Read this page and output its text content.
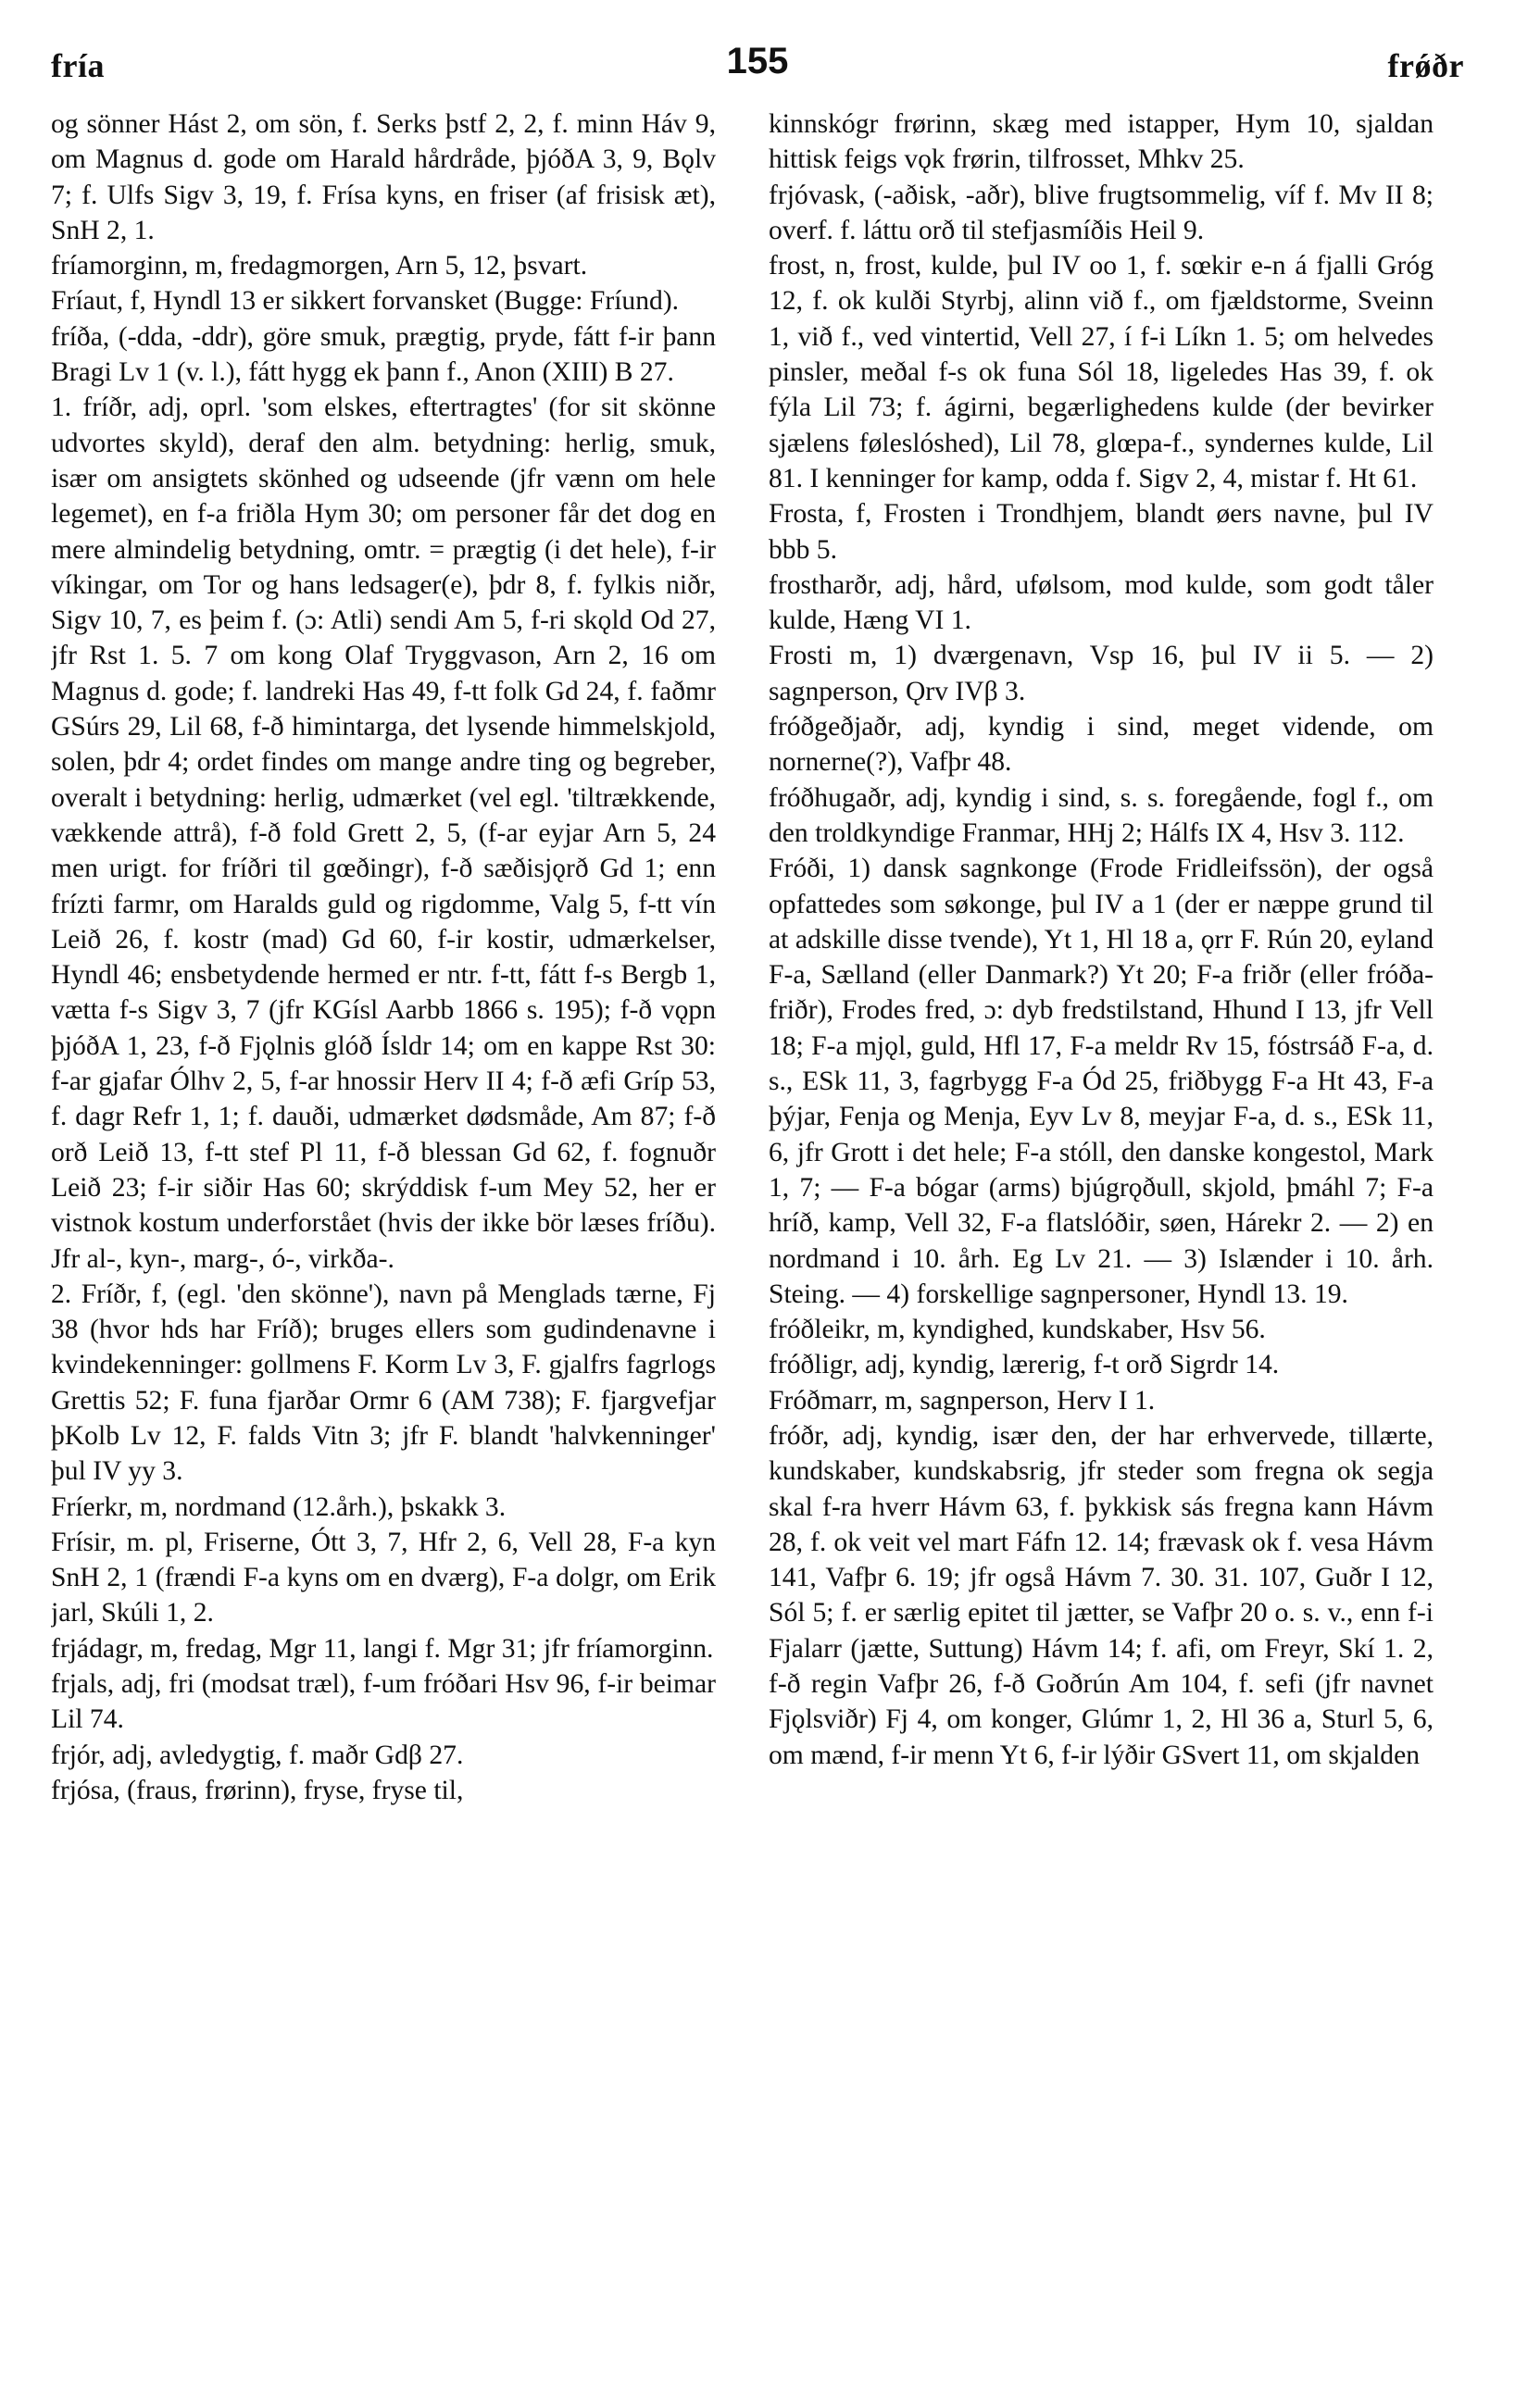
fría	155	frǿðr

og sönner Hást 2, om sön, f. Serks þstf 2, 2, f. minn Háv 9, om Magnus d. gode om Harald hårdråde, þjóðA 3, 9, Bǫlv 7; f. Ulfs Sigv 3, 19, f. Frísa kyns, en friser (af frisisk æt), SnH 2, 1.

fríamorginn, m, fredagmorgen, Arn 5, 12, þsvart.

Fríaut, f, Hyndl 13 er sikkert forvansket (Bugge: Fríund).

fríða, (-dda, -ddr), göre smuk, prægtig, pryde, fátt f-ir þann Bragi Lv 1 (v. l.), fátt hygg ek þann f., Anon (XIII) B 27.

1. fríðr, adj, oprl. 'som elskes, eftertragtes' (for sit skönne udvortes skyld), deraf den alm. betydning: herlig, smuk, især om ansigtets skönhed og udseende (jfr vænn om hele legemet), en f-a friðla Hym 30; om personer får det dog en mere almindelig betydning, omtr. = prægtig (i det hele), f-ir víkingar, om Tor og hans ledsager(e), þdr 8, f. fylkis niðr, Sigv 10, 7, es þeim f. (ɔ: Atli) sendi Am 5, f-ri skǫld Od 27, jfr Rst 1. 5. 7 om kong Olaf Tryggvason, Arn 2, 16 om Magnus d. gode; f. landreki Has 49, f-tt folk Gd 24, f. faðmr GSúrs 29, Lil 68, f-ð himintarga, det lysende himmelskjold, solen, þdr 4; ordet findes om mange andre ting og begreber, overalt i betydning: herlig, udmærket (vel egl. 'tiltrækkende, vækkende attrå), f-ð fold Grett 2, 5, (f-ar eyjar Arn 5, 24 men urigt. for fríðri til gœðingr), f-ð sæðisjǫrð Gd 1; enn frízti farmr, om Haralds guld og rigdomme, Valg 5, f-tt vín Leið 26, f. kostr (mad) Gd 60, f-ir kostir, udmærkelser, Hyndl 46; ensbetydende hermed er ntr. f-tt, fátt f-s Bergb 1, vætta f-s Sigv 3, 7 (jfr KGísl Aarbb 1866 s. 195); f-ð vǫpn þjóðA 1, 23, f-ð Fjǫlnis glóð Ísldr 14; om en kappe Rst 30: f-ar gjafar Ólhv 2, 5, f-ar hnossir Herv II 4; f-ð æfi Gríp 53, f. dagr Refr 1, 1; f. dauði, udmærket dødsmåde, Am 87; f-ð orð Leið 13, f-tt stef Pl 11, f-ð blessan Gd 62, f. fognuðr Leið 23; f-ir siðir Has 60; skrýddisk f-um Mey 52, her er vistnok kostum underforstået (hvis der ikke bör læses fríðu). Jfr al-, kyn-, marg-, ó-, virkða-.

2. Fríðr, f, (egl. 'den skönne'), navn på Menglads tærne, Fj 38 (hvor hds har Fríð); bruges ellers som gudindenavne i kvindekenninger: gollmens F. Korm Lv 3, F. gjalfrs fagrlogs Grettis 52; F. funa fjarðar Ormr 6 (AM 738); F. fjargvefjar þKolb Lv 12, F. falds Vitn 3; jfr F. blandt 'halvkenninger' þul IV yy 3.

Fríerkr, m, nordmand (12.årh.), þskakk 3.

Frísir, m. pl, Friserne, Ótt 3, 7, Hfr 2, 6, Vell 28, F-a kyn SnH 2, 1 (frændi F-a kyns om en dværg), F-a dolgr, om Erik jarl, Skúli 1, 2.

frjádagr, m, fredag, Mgr 11, langi f. Mgr 31; jfr fríamorginn.

frjals, adj, fri (modsat træl), f-um fróðari Hsv 96, f-ir beimar Lil 74.

frjór, adj, avledygtig, f. maðr Gdβ 27.

frjósa, (fraus, frørinn), fryse, fryse til,

kinnskógr frørinn, skæg med istapper, Hym 10, sjaldan hittisk feigs vǫk frørin, tilfrosset, Mhkv 25.

frjóvask, (-aðisk, -aðr), blive frugtsommelig, víf f. Mv II 8; overf. f. láttu orð til stefjasmíðis Heil 9.

frost, n, frost, kulde, þul IV oo 1, f. sœkir e-n á fjalli Gróg 12, f. ok kulði Styrbj, alinn við f., om fjældstorme, Sveinn 1, við f., ved vintertid, Vell 27, í f-i Líkn 1. 5; om helvedes pinsler, meðal f-s ok funa Sól 18, ligeledes Has 39, f. ok fýla Lil 73; f. ágirni, begærlighedens kulde (der bevirker sjælens føleslóshed), Lil 78, glœpa-f., syndernes kulde, Lil 81. I kenninger for kamp, odda f. Sigv 2, 4, mistar f. Ht 61.

Frosta, f, Frosten i Trondhjem, blandt øers navne, þul IV bbb 5.

frostharðr, adj, hård, ufølsom, mod kulde, som godt tåler kulde, Hæng VI 1.

Frosti m, 1) dværgenavn, Vsp 16, þul IV ii 5. — 2) sagnperson, Ǫrv IVβ 3.

fróðgeðjaðr, adj, kyndig i sind, meget vidende, om nornerne(?), Vafþr 48.

fróðhugaðr, adj, kyndig i sind, s. s. foregående, fogl f., om den troldkyndige Franmar, HHj 2; Hálfs IX 4, Hsv 3. 112.

Fróði, 1) dansk sagnkonge (Frode Fridleifssön), der også opfattedes som søkonge, þul IV a 1 (der er næppe grund til at adskille disse tvende), Yt 1, Hl 18 a, ǫrr F. Rún 20, eyland F-a, Sælland (eller Danmark?) Yt 20; F-a friðr (eller fróða-friðr), Frodes fred, ɔ: dyb fredstilstand, Hhund I 13, jfr Vell 18; F-a mjǫl, guld, Hfl 17, F-a meldr Rv 15, fóstrsáð F-a, d. s., ESk 11, 3, fagrbygg F-a Ód 25, friðbygg F-a Ht 43, F-a þýjar, Fenja og Menja, Eyv Lv 8, meyjar F-a, d. s., ESk 11, 6, jfr Grott i det hele; F-a stóll, den danske kongestol, Mark 1, 7; — F-a bógar (arms) bjúgrǫðull, skjold, þmáhl 7; F-a hríð, kamp, Vell 32, F-a flatslóðir, søen, Hárekr 2. — 2) en nordmand i 10. årh. Eg Lv 21. — 3) Islænder i 10. årh. Steing. — 4) forskellige sagnpersoner, Hyndl 13. 19.

fróðleikr, m, kyndighed, kundskaber, Hsv 56.

fróðligr, adj, kyndig, lærerig, f-t orð Sigrdr 14.

Fróðmarr, m, sagnperson, Herv I 1.

fróðr, adj, kyndig, især den, der har erhvervede, tillærte, kundskaber, kundskabsrig, jfr steder som fregna ok segja skal f-ra hverr Hávm 63, f. þykkisk sás fregna kann Hávm 28, f. ok veit vel mart Fáfn 12. 14; frævask ok f. vesa Hávm 141, Vafþr 6. 19; jfr også Hávm 7. 30. 31. 107, Guðr I 12, Sól 5; f. er særlig epitet til jætter, se Vafþr 20 o. s. v., enn f-i Fjalarr (jætte, Suttung) Hávm 14; f. afi, om Freyr, Skí 1. 2, f-ð regin Vafþr 26, f-ð Goðrún Am 104, f. sefi (jfr navnet Fjǫlsviðr) Fj 4, om konger, Glúmr 1, 2, Hl 36 a, Sturl 5, 6, om mænd, f-ir menn Yt 6, f-ir lýðir GSvert 11, om skjalden
